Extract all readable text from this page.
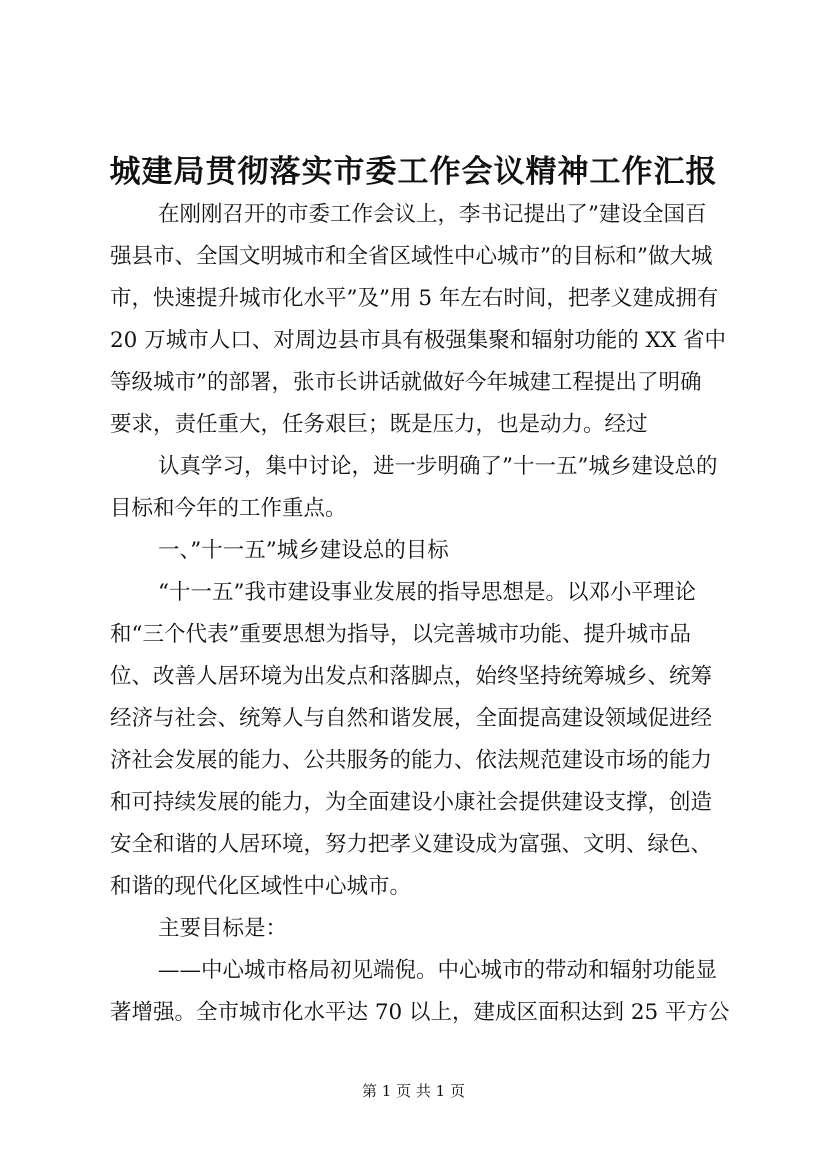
城建局贯彻落实市委工作会议精神工作汇报
在刚刚召开的市委工作会议上，李书记提出了”建设全国百
强县市、全国文明城市和全省区域性中心城市”的目标和”做大城
市，快速提升城市化水平”及”用 5 年左右时间，把孝义建成拥有
20 万城市人口、对周边县市具有极强集聚和辐射功能的 XX 省中
等级城市”的部署，张市长讲话就做好今年城建工程提出了明确
要求，责任重大，任务艰巨；既是压力，也是动力。经过
认真学习，集中讨论，进一步明确了”十一五”城乡建设总的
目标和今年的工作重点。
一、”十一五”城乡建设总的目标
“十一五”我市建设事业发展的指导思想是。以邓小平理论
和“三个代表”重要思想为指导，以完善城市功能、提升城市品
位、改善人居环境为出发点和落脚点，始终坚持统筹城乡、统筹
经济与社会、统筹人与自然和谐发展，全面提高建设领域促进经
济社会发展的能力、公共服务的能力、依法规范建设市场的能力
和可持续发展的能力，为全面建设小康社会提供建设支撑，创造
安全和谐的人居环境，努力把孝义建设成为富强、文明、绿色、
和谐的现代化区域性中心城市。
主要目标是：
——中心城市格局初见端倪。中心城市的带动和辐射功能显
著增强。全市城市化水平达 70 以上，建成区面积达到 25 平方公
第 1 页 共 1 页
